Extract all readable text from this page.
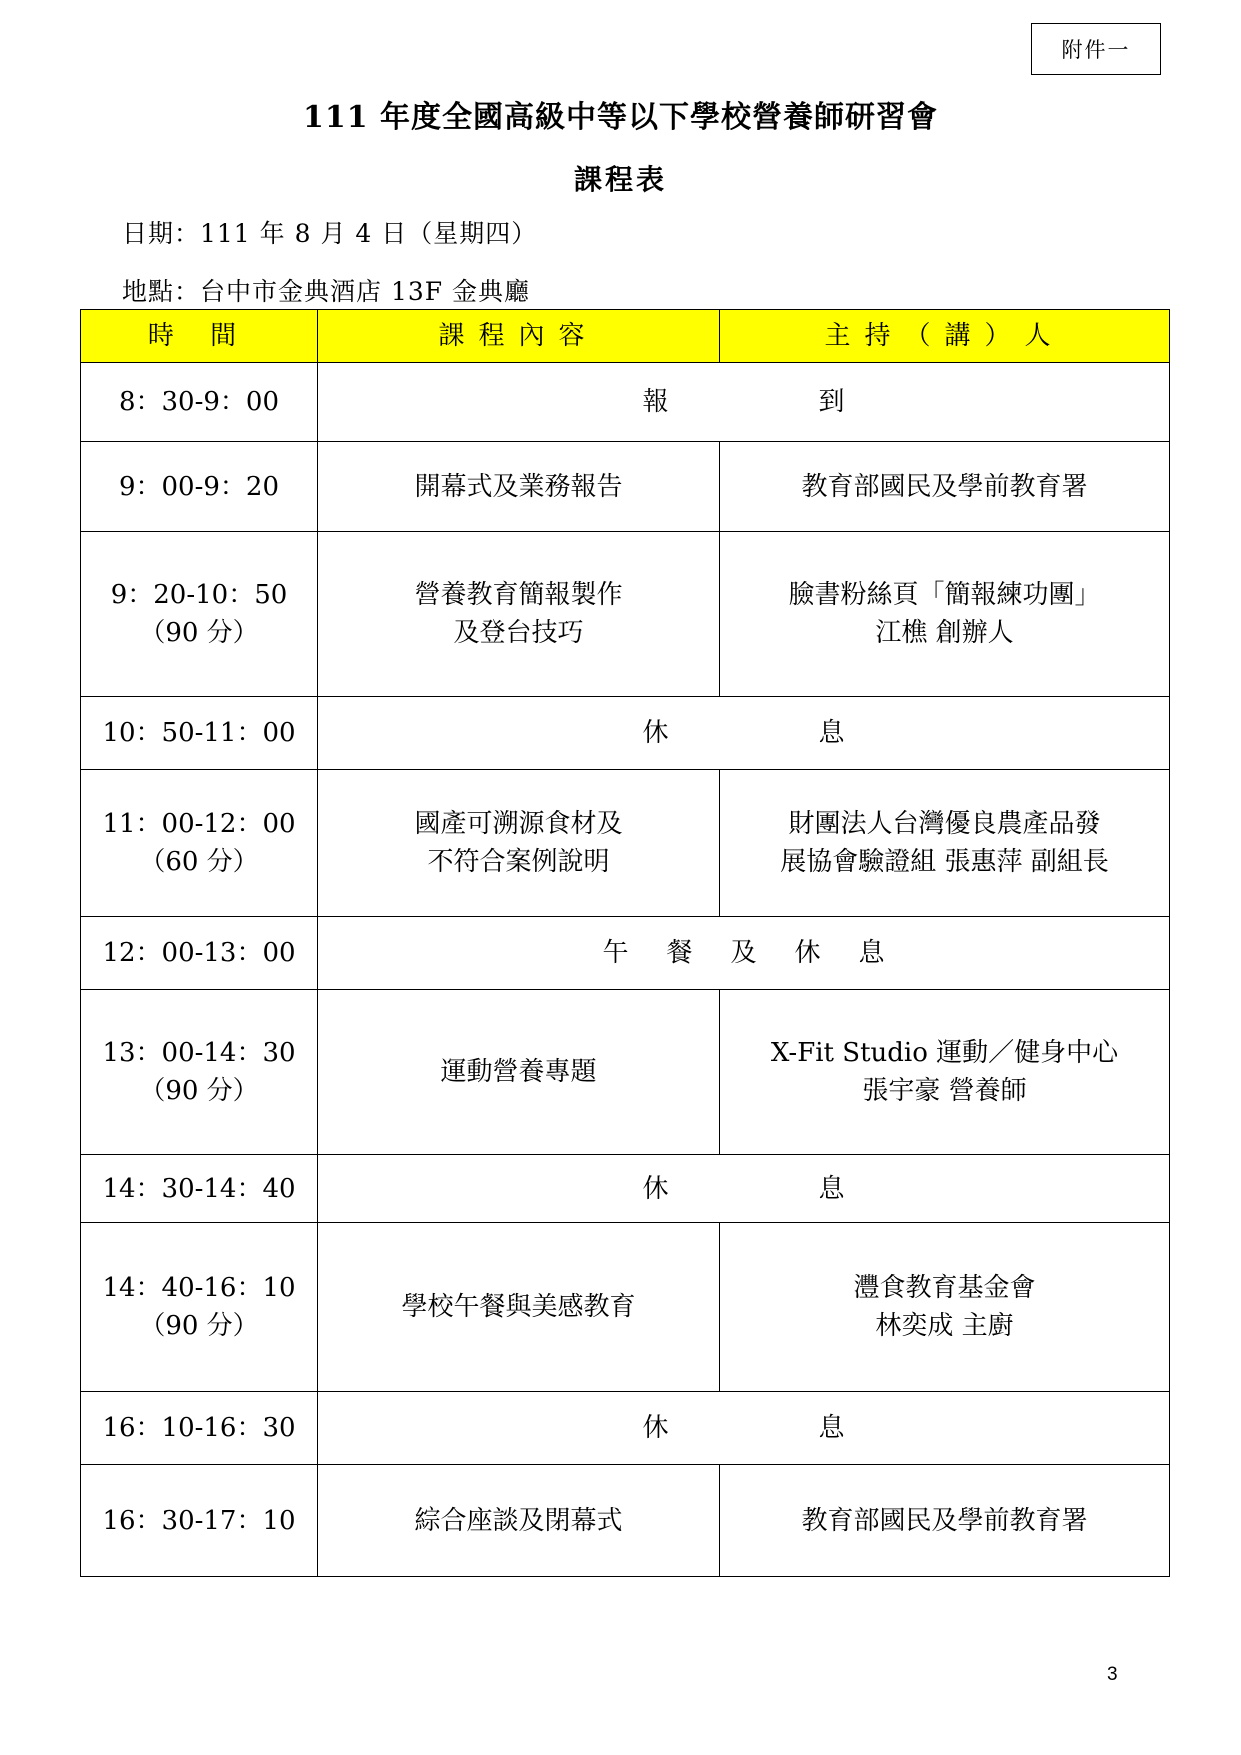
附件一
111 年度全國高級中等以下學校營養師研習會
課程表
日期：111 年 8 月 4 日（星期四）
地點：台中市金典酒店 13F 金典廳
時 間	課程內容	主持（講）人

8：30-9：00	報到	

9：00-9：20	開幕式及業務報告	教育部國民及學前教育署

9：20-10：50
（90 分）	營養教育簡報製作
及登台技巧	臉書粉絲頁「簡報練功團」
江樵 創辦人

10：50-11：00	休息	

11：00-12：00
（60 分）	國產可溯源食材及
不符合案例說明	財團法人台灣優良農產品發
展協會驗證組 張惠萍 副組長

12：00-13：00	午餐及休息	

13：00-14：30
（90 分）	運動營養專題	X-Fit Studio 運動／健身中心
張宇豪 營養師

14：30-14：40	休息	

14：40-16：10
（90 分）	學校午餐與美感教育	灃食教育基金會
林奕成 主廚

16：10-16：30	休息	

16：30-17：10	綜合座談及閉幕式	教育部國民及學前教育署
3
